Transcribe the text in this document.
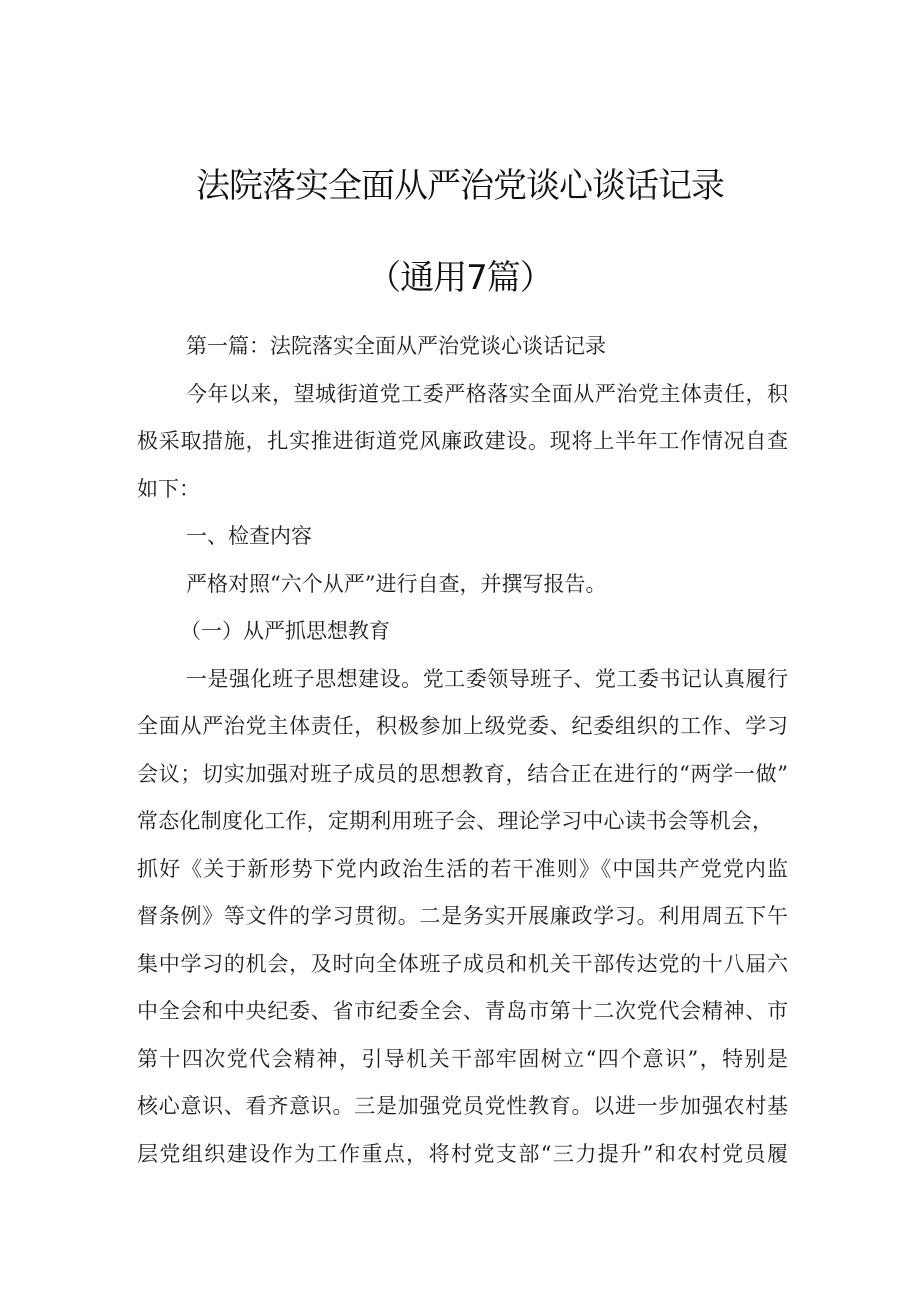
法院落实全面从严治党谈心谈话记录
（通用7篇）
第一篇：法院落实全面从严治党谈心谈话记录
今年以来，望城街道党工委严格落实全面从严治党主体责任，积
极采取措施，扎实推进街道党风廉政建设。现将上半年工作情况自查
如下：
一、检查内容
严格对照“六个从严”进行自查，并撰写报告。
（一）从严抓思想教育
一是强化班子思想建设。党工委领导班子、党工委书记认真履行
全面从严治党主体责任，积极参加上级党委、纪委组织的工作、学习
会议；切实加强对班子成员的思想教育，结合正在进行的“两学一做”
常态化制度化工作，定期利用班子会、理论学习中心读书会等机会，
抓好《关于新形势下党内政治生活的若干准则》《中国共产党党内监
督条例》等文件的学习贯彻。二是务实开展廉政学习。利用周五下午
集中学习的机会，及时向全体班子成员和机关干部传达党的十八届六
中全会和中央纪委、省市纪委全会、青岛市第十二次党代会精神、市
第十四次党代会精神，引导机关干部牢固树立“四个意识”，特别是
核心意识、看齐意识。三是加强党员党性教育。以进一步加强农村基
层党组织建设作为工作重点，将村党支部“三力提升”和农村党员履
